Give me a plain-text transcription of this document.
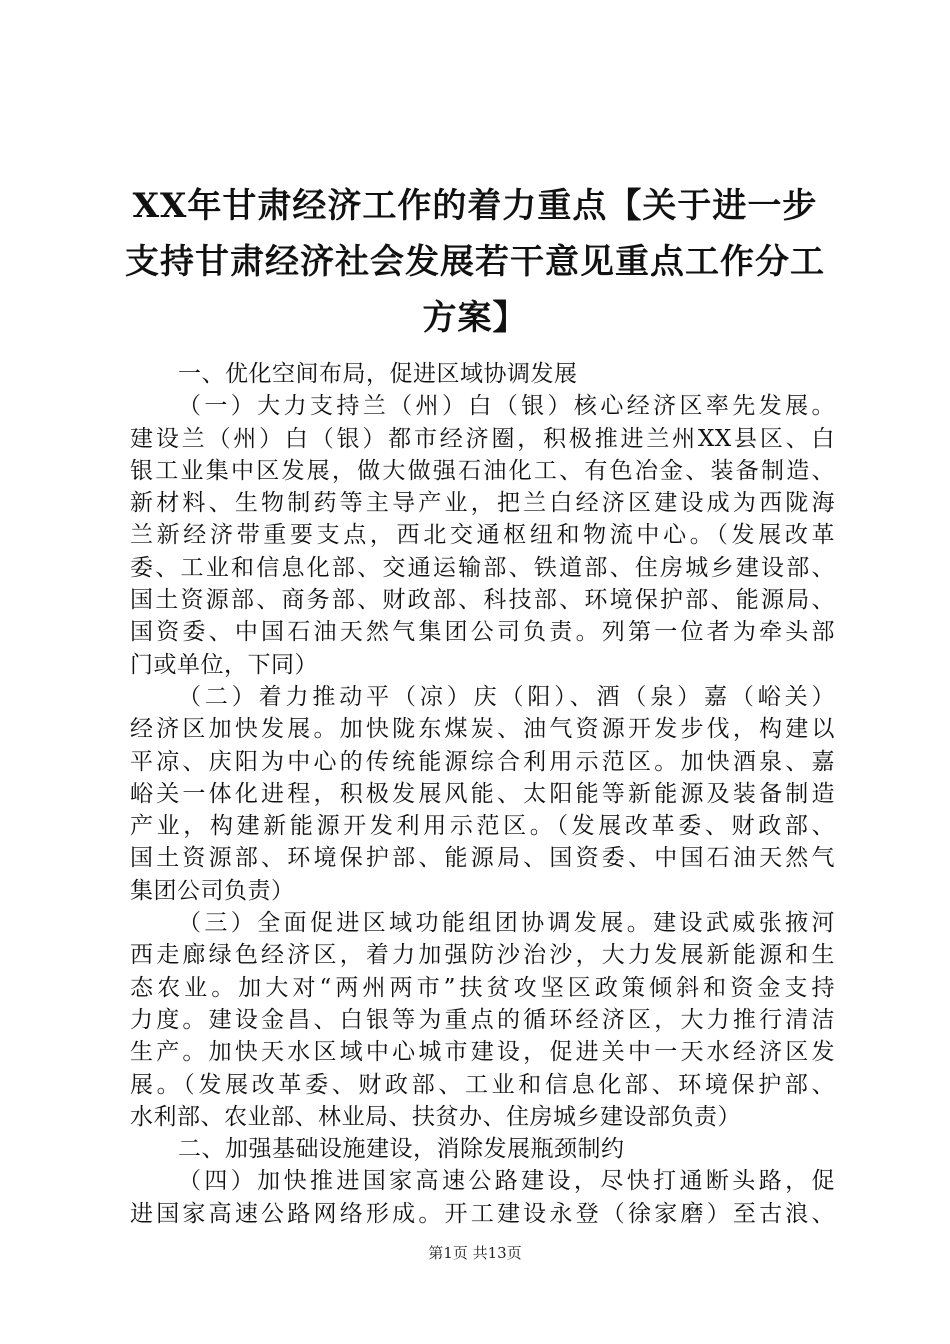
XX年甘肃经济工作的着力重点【关于进一步
支持甘肃经济社会发展若干意见重点工作分工
方案】
一、优化空间布局，促进区域协调发展
（一）大力支持兰（州）白（银）核心经济区率先发展。
建设兰（州）白（银）都市经济圈，积极推进兰州XX县区、白
银工业集中区发展，做大做强石油化工、有色冶金、装备制造、
新材料、生物制药等主导产业，把兰白经济区建设成为西陇海
兰新经济带重要支点，西北交通枢纽和物流中心。（发展改革
委、工业和信息化部、交通运输部、铁道部、住房城乡建设部、
国土资源部、商务部、财政部、科技部、环境保护部、能源局、
国资委、中国石油天然气集团公司负责。列第一位者为牵头部
门或单位，下同）
（二）着力推动平（凉）庆（阳）、酒（泉）嘉（峪关）
经济区加快发展。加快陇东煤炭、油气资源开发步伐，构建以
平凉、庆阳为中心的传统能源综合利用示范区。加快酒泉、嘉
峪关一体化进程，积极发展风能、太阳能等新能源及装备制造
产业，构建新能源开发利用示范区。（发展改革委、财政部、
国土资源部、环境保护部、能源局、国资委、中国石油天然气
集团公司负责）
（三）全面促进区域功能组团协调发展。建设武威张掖河
西走廊绿色经济区，着力加强防沙治沙，大力发展新能源和生
态农业。加大对“两州两市”扶贫攻坚区政策倾斜和资金支持
力度。建设金昌、白银等为重点的循环经济区，大力推行清洁
生产。加快天水区域中心城市建设，促进关中一天水经济区发
展。（发展改革委、财政部、工业和信息化部、环境保护部、
水利部、农业部、林业局、扶贫办、住房城乡建设部负责）
二、加强基础设施建设，消除发展瓶颈制约
（四）加快推进国家高速公路建设，尽快打通断头路，促
进国家高速公路网络形成。开工建设永登（徐家磨）至古浪、
第1页 共13页
